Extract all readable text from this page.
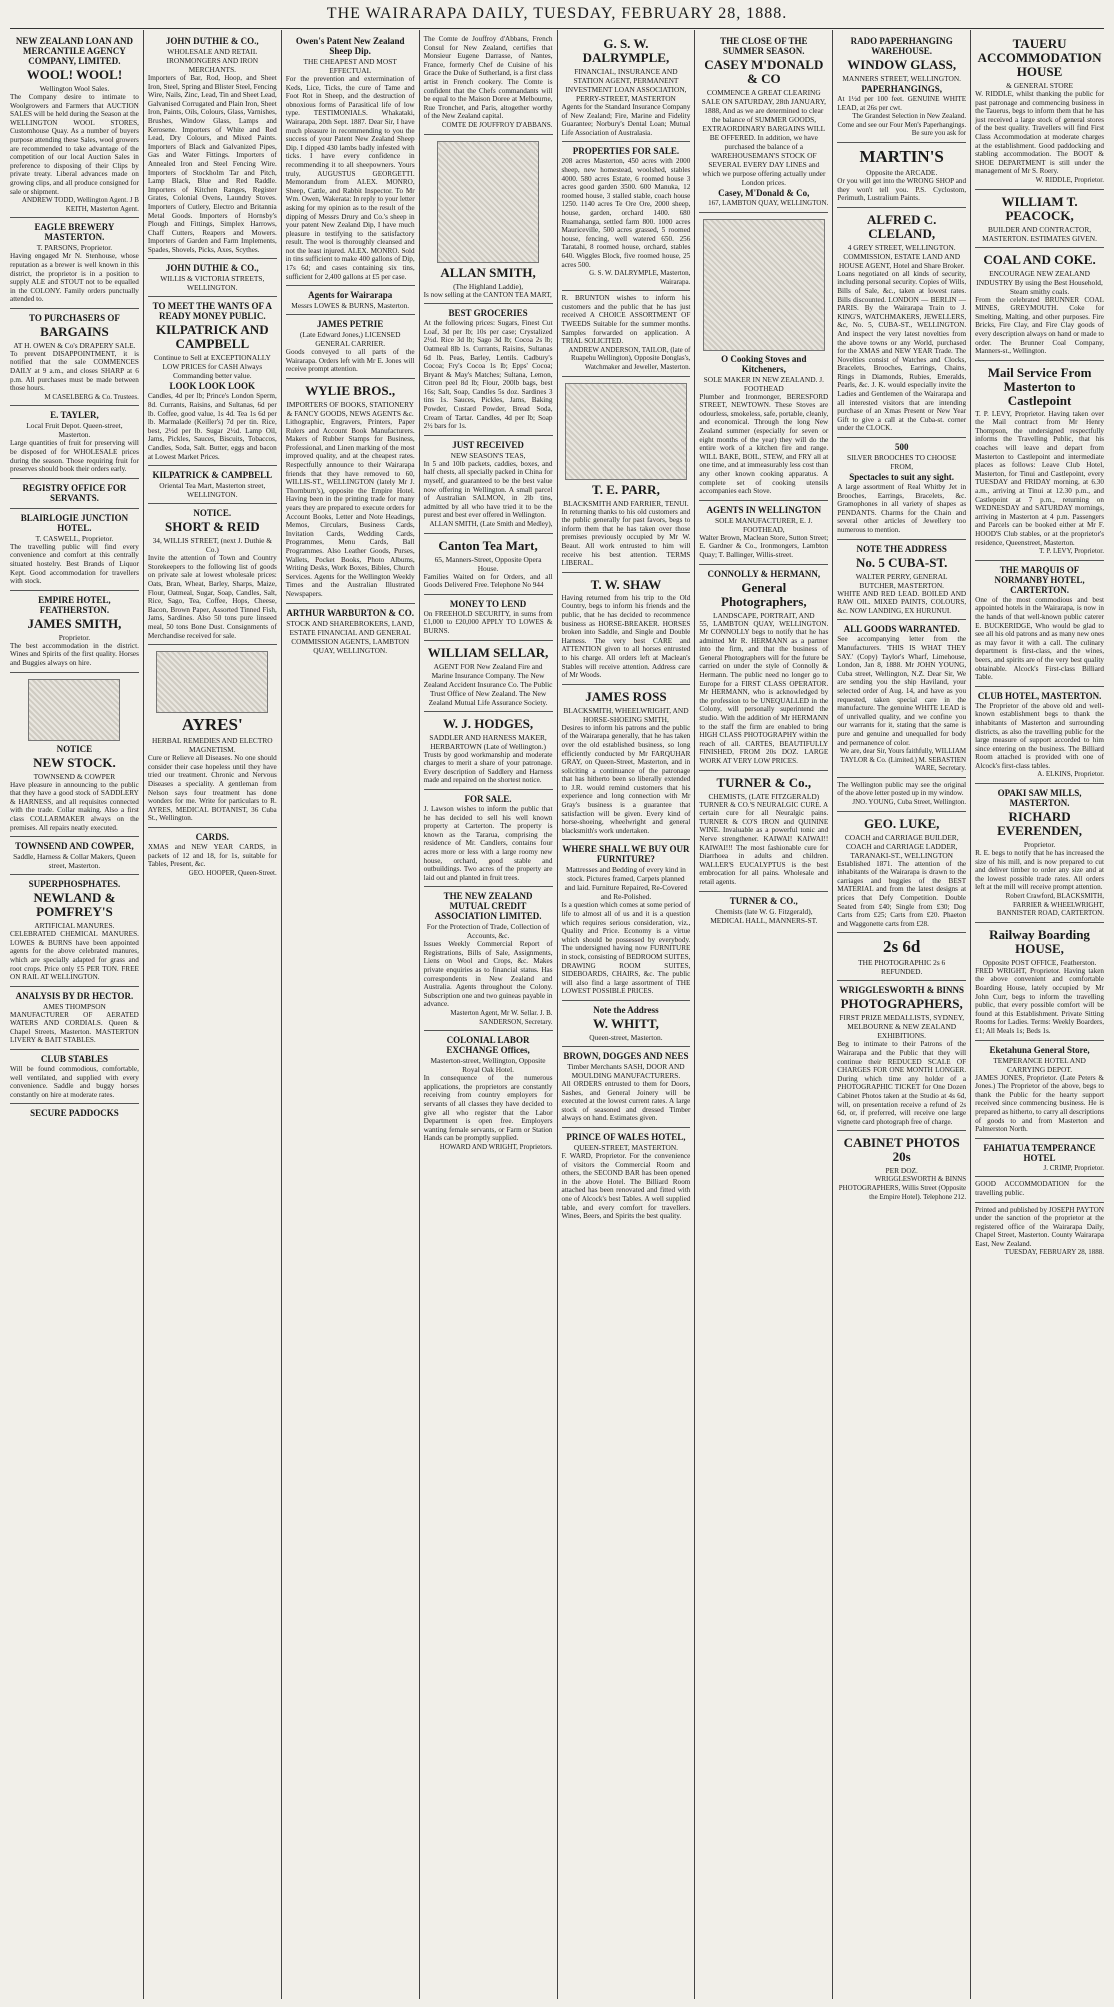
THE WAIRARAPA DAILY, TUESDAY, FEBRUARY 28, 1888.
NEW ZEALAND LOAN AND MERCANTILE AGENCY COMPANY, LIMITED.
WOOL! WOOL!
Wellington Wool Sales.
The Company desire to intimate to Woolgrowers and Farmers that AUCTION SALES will be held during the Season at the WELLINGTON WOOL STORES, Customhouse Quay. As a number of buyers purpose attending these Sales, wool growers are recommended to take advantage of the competition of our local Auction Sales in preference to disposing of their Clips by private treaty. Liberal advances made on growing clips, and all produce consigned for sale or shipment.
ANDREW TODD, Wellington Agent. J B KEITH, Masterton Agent.
EAGLE BREWERY MASTERTON.
T. PARSONS, Proprietor.
Having engaged Mr N. Stenhouse, whose reputation as a brewer is well known in this district, the proprietor is in a position to supply ALE and STOUT not to be equalled in the COLONY. Family orders punctually attended to.
TO PURCHASERS OF
BARGAINS
AT H. OWEN & Co's DRAPERY SALE.
To prevent DISAPPOINTMENT, it is notified that the sale COMMENCES DAILY at 9 a.m., and closes SHARP at 6 p.m. All purchases must be made between those hours.
M CASELBERG & Co. Trustees.
E. TAYLER,
Local Fruit Depot. Queen-street, Masterton.
Large quantities of fruit for preserving will be disposed of for WHOLESALE prices during the season. Those requiring fruit for preserves should book their orders early.
REGISTRY OFFICE FOR SERVANTS.
BLAIRLOGIE JUNCTION HOTEL.
T. CASWELL, Proprietor.
The travelling public will find every convenience and comfort at this centrally situated hostelry. Best Brands of Liquor Kept. Good accommodation for travellers with stock.
EMPIRE HOTEL, FEATHERSTON.
JAMES SMITH,
Proprietor.
The best accommodation in the district. Wines and Spirits of the first quality. Horses and Buggies always on hire.
NOTICE
NEW STOCK.
TOWNSEND & COWPER
Have pleasure in announcing to the public that they have a good stock of SADDLERY & HARNESS, and all requisites connected with the trade. Collar making. Also a first class COLLARMAKER always on the premises. All repairs neatly executed.
TOWNSEND AND COWPER,
Saddle, Harness & Collar Makers, Queen street, Masterton.
SUPERPHOSPHATES.
NEWLAND & POMFREY'S
ARTIFICIAL MANURES.
CELEBRATED CHEMICAL MANURES. LOWES & BURNS have been appointed agents for the above celebrated manures, which are specially adapted for grass and root crops. Price only £5 PER TON. FREE ON RAIL AT WELLINGTON.
ANALYSIS BY DR HECTOR.
AMES THOMPSON
MANUFACTURER OF AERATED WATERS AND CORDIALS. Queen & Chapel Streets, Masterton. MASTERTON LIVERY & BAIT STABLES.
CLUB STABLES
Will be found commodious, comfortable, well ventilated, and supplied with every convenience. Saddle and buggy horses constantly on hire at moderate rates.
SECURE PADDOCKS
JOHN DUTHIE & CO.,
WHOLESALE AND RETAIL IRONMONGERS AND IRON MERCHANTS.
Importers of Bar, Rod, Hoop, and Sheet Iron, Steel, Spring and Blister Steel, Fencing Wire, Nails, Zinc, Lead, Tin and Sheet Lead, Galvanised Corrugated and Plain Iron, Sheet Iron, Paints, Oils, Colours, Glass, Varnishes, Brushes, Window Glass, Lamps and Kerosene. Importers of White and Red Lead, Dry Colours, and Mixed Paints. Importers of Black and Galvanized Pipes, Gas and Water Fittings. Importers of Annealed Iron and Steel Fencing Wire. Importers of Stockholm Tar and Pitch, Lamp Black, Blue and Red Raddle. Importers of Kitchen Ranges, Register Grates, Colonial Ovens, Laundry Stoves. Importers of Cutlery, Electro and Britannia Metal Goods. Importers of Hornsby's Plough and Fittings, Simplex Harrows, Chaff Cutters, Reapers and Mowers. Importers of Garden and Farm Implements, Spades, Shovels, Picks, Axes, Scythes.
JOHN DUTHIE & CO.,
WILLIS & VICTORIA STREETS, WELLINGTON.
TO MEET THE WANTS OF A READY MONEY PUBLIC.
KILPATRICK AND CAMPBELL
Continue to Sell at EXCEPTIONALLY LOW PRICES for CASH Always Commanding better value.
LOOK LOOK LOOK
Candles, 4d per lb; Prince's London Sperm, 8d. Currants, Raisins, and Sultanas, 6d per lb. Coffee, good value, 1s 4d. Tea 1s 6d per lb. Marmalade (Keiller's) 7d per tin. Rice, best, 2½d per lb. Sugar 2½d. Lamp Oil, Jams, Pickles, Sauces, Biscuits, Tobaccos, Candles, Soda, Salt. Butter, eggs and bacon at Lowest Market Prices.
KILPATRICK & CAMPBELL
Oriental Tea Mart, Masterton street, WELLINGTON.
NOTICE.
SHORT & REID
34, WILLIS STREET, (next J. Duthie & Co.)
Invite the attention of Town and Country Storekeepers to the following list of goods on private sale at lowest wholesale prices: Oats, Bran, Wheat, Barley, Sharps, Maize, Flour, Oatmeal, Sugar, Soap, Candles, Salt, Rice, Sago, Tea, Coffee, Hops, Cheese, Bacon, Brown Paper, Assorted Tinned Fish, Jams, Sardines. Also 50 tons pure linseed meal, 50 tons Bone Dust. Consignments of Merchandise received for sale.
AYRES'
HERBAL REMEDIES AND ELECTRO MAGNETISM.
Cure or Relieve all Diseases. No one should consider their case hopeless until they have tried our treatment. Chronic and Nervous Diseases a speciality. A gentleman from Nelson says four treatment has done wonders for me. Write for particulars to R. AYRES, MEDICAL BOTANIST, 36 Cuba St., Wellington.
CARDS.
XMAS and NEW YEAR CARDS, in packets of 12 and 18, for 1s, suitable for Tables, Present, &c.
GEO. HOOPER, Queen-Street.
Owen's Patent New Zealand Sheep Dip.
THE CHEAPEST AND MOST EFFECTUAL
For the prevention and extermination of Keds, Lice, Ticks, the cure of Tame and Foot Rot in Sheep, and the destruction of obnoxious forms of Parasitical life of low type. TESTIMONIALS. Whakataki, Wairarapa, 20th Sept. 1887. Dear Sir, I have much pleasure in recommending to you the success of your Patent New Zealand Sheep Dip. I dipped 430 lambs badly infested with ticks. I have every confidence in recommending it to all sheepowners. Yours truly, AUGUSTUS GEORGETTI. Memorandum from ALEX. MONRO, Sheep, Cattle, and Rabbit Inspector. To Mr Wm. Owen, Wakerata: In reply to your letter asking for my opinion as to the result of the dipping of Messrs Drury and Co.'s sheep in your patent New Zealand Dip, I have much pleasure in testifying to the satisfactory result. The wool is thoroughly cleansed and not the least injured. ALEX. MONRO. Sold in tins sufficient to make 400 gallons of Dip, 17s 6d; and cases containing six tins, sufficient for 2,400 gallons at £5 per case.
Agents for Wairarapa
Messrs LOWES & BURNS, Masterton.
JAMES PETRIE
(Late Edward Jones,) LICENSED GENERAL CARRIER.
Goods conveyed to all parts of the Wairarapa. Orders left with Mr E. Jones will receive prompt attention.
WYLIE BROS.,
IMPORTERS OF BOOKS, STATIONERY & FANCY GOODS, NEWS AGENTS &c.
Lithographic, Engravers, Printers, Paper Rulers and Account Book Manufacturers. Makers of Rubber Stamps for Business, Professional, and Linen marking of the most improved quality, and at the cheapest rates. Respectfully announce to their Wairarapa friends that they have removed to 60, WILLIS-ST., WELLINGTON (lately Mr J. Thornburn's), opposite the Empire Hotel. Having been in the printing trade for many years they are prepared to execute orders for Account Books, Letter and Note Headings, Memos, Circulars, Business Cards, Invitation Cards, Wedding Cards, Programmes, Menu Cards, Ball Programmes. Also Leather Goods, Purses, Wallets, Pocket Books, Photo Albums, Writing Desks, Work Boxes, Bibles, Church Services. Agents for the Wellington Weekly Times and the Australian Illustrated Newspapers.
ARTHUR WARBURTON & CO.
STOCK AND SHAREBROKERS, LAND, ESTATE FINANCIAL AND GENERAL COMMISSION AGENTS, LAMBTON QUAY, WELLINGTON.
The Comte de Jouffroy d'Abbans, French Consul for New Zealand, certifies that Monsieur Eugene Darrasse, of Nantes, France, formerly Chef de Cuisine of his Grace the Duke of Sutherland, is a first class artist in French cookery. The Comte is confident that the Chefs commandants will be equal to the Maison Doree at Melbourne, Rue Tronchet, and Paris, altogether worthy of the New Zealand capital.
COMTE DE JOUFFROY D'ABBANS.
ALLAN SMITH,
(The Highland Laddie),
Is now selling at the CANTON TEA MART,
BEST GROCERIES
At the following prices: Sugars, Finest Cut Loaf, 3d per lb; 10s per case; Crystalized 2½d. Rice 3d lb; Sago 3d lb; Cocoa 2s lb; Oatmeal 8lb 1s. Currants, Raisins, Sultanas 6d lb. Peas, Barley, Lentils. Cadbury's Cocoa; Fry's Cocoa 1s lb; Epps' Cocoa; Bryant & May's Matches; Sultana, Lemon, Citron peel 8d lb; Flour, 200lb bags, best 16s; Salt, Soap, Candles 5s doz. Sardines 3 tins 1s. Sauces, Pickles, Jams, Baking Powder, Custard Powder, Bread Soda, Cream of Tartar. Candles, 4d per lb; Soap 2½ bars for 1s.
JUST RECEIVED
NEW SEASON'S TEAS,
In 5 and 10lb packets, caddies, boxes, and half chests, all specially packed in China for myself, and guaranteed to be the best value now offering in Wellington. A small parcel of Australian SALMON, in 2lb tins, admitted by all who have tried it to be the purest and best ever offered in Wellington.
ALLAN SMITH, (Late Smith and Medley),
Canton Tea Mart,
65, Manners-Street, Opposite Opera House.
Families Waited on for Orders, and all Goods Delivered Free. Telephone No 944
MONEY TO LEND
On FREEHOLD SECURITY, in sums from £1,000 to £20,000 APPLY TO LOWES & BURNS.
WILLIAM SELLAR,
AGENT FOR New Zealand Fire and Marine Insurance Company. The New Zealand Accident Insurance Co. The Public Trust Office of New Zealand. The New Zealand Mutual Life Assurance Society.
W. J. HODGES,
SADDLER AND HARNESS MAKER, HERBARTOWN (Late of Wellington.)
Trusts by good workmanship and moderate charges to merit a share of your patronage. Every description of Saddlery and Harness made and repaired on the shortest notice.
FOR SALE.
J. Lawson wishes to inform the public that he has decided to sell his well known property at Carterton. The property is known as the Tararua, comprising the residence of Mr. Candlers, contains four acres more or less with a large roomy new house, orchard, good stable and outbuildings. Two acres of the property are laid out and planted in fruit trees.
THE NEW ZEALAND MUTUAL CREDIT ASSOCIATION LIMITED.
For the Protection of Trade, Collection of Accounts, &c.
Issues Weekly Commercial Report of Registrations, Bills of Sale, Assignments, Liens on Wool and Crops, &c. Makes private enquiries as to financial status. Has correspondents in New Zealand and Australia. Agents throughout the Colony. Subscription one and two guineas payable in advance.
Masterton Agent, Mr W. Sellar. J. B. SANDERSON, Secretary.
COLONIAL LABOR EXCHANGE Offices,
Masterton-street, Wellington, Opposite Royal Oak Hotel.
In consequence of the numerous applications, the proprietors are constantly receiving from country employers for servants of all classes they have decided to give all who register that the Labor Department is open free. Employers wanting female servants, or Farm or Station Hands can be promptly supplied.
HOWARD AND WRIGHT, Proprietors.
G. S. W. DALRYMPLE,
FINANCIAL, INSURANCE AND STATION AGENT, PERMANENT INVESTMENT LOAN ASSOCIATION, PERRY-STREET, MASTERTON
Agents for the Standard Insurance Company of New Zealand; Fire, Marine and Fidelity Guarantee; Norbury's Dental Loan; Mutual Life Association of Australasia.
PROPERTIES FOR SALE.
208 acres Masterton, 450 acres with 2000 sheep, new homestead, woolshed, stables 4000. 580 acres Estate, 6 roomed house 3 acres good garden 3500. 600 Manuka, 12 roomed house, 3 stalled stable, coach house 1250. 1140 acres Te Ore Ore, 2000 sheep, house, garden, orchard 1400. 680 Ruamahanga, settled farm 800. 1000 acres Mauriceville, 500 acres grassed, 5 roomed house, fencing, well watered 650. 256 Taratahi, 8 roomed house, orchard, stables 640. Wiggles Block, five roomed house, 25 acres 500.
G. S. W. DALRYMPLE, Masterton, Wairarapa.
R. BRUNTON wishes to inform his customers and the public that he has just received A CHOICE ASSORTMENT OF TWEEDS Suitable for the summer months. Samples forwarded on application. A TRIAL SOLICITED.
ANDREW ANDERSON, TAILOR, (late of Ruapehu Wellington), Opposite Donglas's, Watchmaker and Jeweller, Masterton.
T. E. PARR,
BLACKSMITH AND FARRIER, TENUI.
In returning thanks to his old customers and the public generally for past favors, begs to inform them that he has taken over those premises previously occupied by Mr W. Beaut. All work entrusted to him will receive his best attention. TERMS LIBERAL.
T. W. SHAW
Having returned from his trip to the Old Country, begs to inform his friends and the public, that he has decided to recommence business as HORSE-BREAKER. HORSES broken into Saddle, and Single and Double Harness. The very best CARE and ATTENTION given to all horses entrusted to his charge. All orders left at Maclean's Stables will receive attention. Address care of Mr Woods.
JAMES ROSS
BLACKSMITH, WHEELWRIGHT, AND HORSE-SHOEING SMITH,
Desires to inform his patrons and the public of the Wairarapa generally, that he has taken over the old established business, so long efficiently conducted by Mr FARQUHAR GRAY, on Queen-Street, Masterton, and in soliciting a continuance of the patronage that has hitherto been so liberally extended to J.R. would remind customers that his experience and long connection with Mr Gray's business is a guarantee that satisfaction will be given. Every kind of horse-shoeing, wheelwright and general blacksmith's work undertaken.
WHERE SHALL WE BUY OUR FURNITURE?
Mattresses and Bedding of every kind in stock. Pictures framed, Carpets planned and laid. Furniture Repaired, Re-Covered and Re-Polished.
Is a question which comes at some period of life to almost all of us and it is a question which requires serious consideration, viz., Quality and Price. Economy is a virtue which should be possessed by everybody. The undersigned having now FURNITURE in stock, consisting of BEDROOM SUITES, DRAWING ROOM SUITES, SIDEBOARDS, CHAIRS, &c. The public will also find a large assortment of THE LOWEST POSSIBLE PRICES.
Note the Address
W. WHITT,
Queen-street, Masterton.
BROWN, DOGGES AND NEES
Timber Merchants SASH, DOOR AND MOULDING MANUFACTURERS.
All ORDERS entrusted to them for Doors, Sashes, and General Joinery will be executed at the lowest current rates. A large stock of seasoned and dressed Timber always on hand. Estimates given.
PRINCE OF WALES HOTEL,
QUEEN-STREET, MASTERTON.
F. WARD, Proprietor. For the convenience of visitors the Commercial Room and others, the SECOND BAR has been opened in the above Hotel. The Billiard Room attached has been renovated and fitted with one of Alcock's best Tables. A well supplied table, and every comfort for travellers. Wines, Beers, and Spirits the best quality.
THE CLOSE OF THE SUMMER SEASON.
CASEY M'DONALD & CO
COMMENCE A GREAT CLEARING SALE ON SATURDAY, 28th JANUARY, 1888, And as we are determined to clear the balance of SUMMER GOODS, EXTRAORDINARY BARGAINS WILL BE OFFERED. In addition, we have purchased the balance of a WAREHOUSEMAN'S STOCK OF SEVERAL EVERY DAY LINES and which we purpose offering actually under London prices.
Casey, M'Donald & Co,
167, LAMBTON QUAY, WELLINGTON.
O Cooking Stoves and Kitcheners,
SOLE MAKER IN NEW ZEALAND. J. FOOTHEAD
Plumber and Ironmonger, BERESFORD STREET, NEWTOWN. These Stoves are odourless, smokeless, safe, portable, cleanly, and economical. Through the long New Zealand summer (especially for seven or eight months of the year) they will do the entire work of a kitchen fire and range. WILL BAKE, BOIL, STEW, and FRY all at one time, and at immeasurably less cost than any other known cooking apparatus. A complete set of cooking utensils accompanies each Stove.
AGENTS IN WELLINGTON
SOLE MANUFACTURER, E. J. FOOTHEAD,
Walter Brown, Maclean Store, Sutton Street; E. Gardner & Co., Ironmongers, Lambton Quay; T. Ballinger, Willis-street.
CONNOLLY & HERMANN,
General Photographers,
LANDSCAPE, PORTRAIT, AND
55, LAMBTON QUAY, WELLINGTON. Mr CONNOLLY begs to notify that he has admitted Mr R. HERMANN as a partner into the firm, and that the business of General Photographers will for the future be carried on under the style of Connolly & Hermann. The public need no longer go to Europe for a FIRST CLASS OPERATOR. Mr HERMANN, who is acknowledged by the profession to be UNEQUALLED in the Colony, will personally superintend the studio. With the addition of Mr HERMANN to the staff the firm are enabled to bring HIGH CLASS PHOTOGRAPHY within the reach of all. CARTES, BEAUTIFULLY FINISHED, FROM 20s DOZ. LARGE WORK AT VERY LOW PRICES.
TURNER & Co.,
CHEMISTS, (LATE FITZGERALD)
TURNER & CO.'S NEURALGIC CURE. A certain cure for all Neuralgic pains. TURNER & CO'S IRON and QUININE WINE. Invaluable as a powerful tonic and Nerve strengthener. KAIWAI! KAIWAI!! KAIWAI!!! The most fashionable cure for Diarrhoea in adults and children. WALLER'S EUCALYPTUS is the best embrocation for all pains. Wholesale and retail agents.
TURNER & CO.,
Chemists (late W. G. Fitzgerald), MEDICAL HALL, MANNERS-ST.
RADO PAPERHANGING WAREHOUSE.
WINDOW GLASS,
MANNERS STREET, WELLINGTON.
PAPERHANGINGS,
At 1½d per 100 feet. GENUINE WHITE LEAD, at 26s per cwt.
The Grandest Selection in New Zealand. Come and see our Four Men's Paperhangings. Be sure you ask for
MARTIN'S
Opposite the ARCADE.
Or you will get into the WRONG SHOP and they won't tell you. P.S. Cyclostom, Perimuth, Lustralium Paints.
ALFRED C. CLELAND,
4 GREY STREET, WELLINGTON. COMMISSION, ESTATE LAND AND HOUSE AGENT, Hotel and Share Broker.
Loans negotiated on all kinds of security, including personal security. Copies of Wills, Bills of Sale, &c., taken at lowest rates. Bills discounted. LONDON — BERLIN — PARIS. By the Wairarapa Train to J. KING'S, WATCHMAKERS, JEWELLERS, &c, No. 5, CUBA-ST., WELLINGTON. And inspect the very latest novelties from the above towns or any World, purchased for the XMAS and NEW YEAR Trade. The Novelties consist of Watches and Clocks, Bracelets, Brooches, Earrings, Chains, Rings in Diamonds, Rubies, Emeralds, Pearls, &c. J. K. would especially invite the Ladies and Gentlemen of the Wairarapa and all interested visitors that are intending purchase of an Xmas Present or New Year Gift to give a call at the Cuba-st. corner under the CLOCK.
500
SILVER BROOCHES TO CHOOSE FROM,
Spectacles to suit any sight.
A large assortment of Real Whitby Jet in Brooches, Earrings, Bracelets, &c. Gramophones in all variety of shapes as PENDANTS. Charms for the Chain and several other articles of Jewellery too numerous to mention.
NOTE THE ADDRESS
No. 5 CUBA-ST.
WALTER PERRY, GENERAL BUTCHER, MASTERTON.
WHITE AND RED LEAD. BOILED AND RAW OIL. MIXED PAINTS, COLOURS, &c. NOW LANDING, EX HURUNUI.
ALL GOODS WARRANTED.
See accompanying letter from the Manufacturers. 'THIS IS WHAT THEY SAY.' (Copy) Taylor's Wharf, Limehouse, London, Jan 8, 1888. Mr JOHN YOUNG, Cuba street, Wellington, N.Z. Dear Sir, We are sending you the ship Haviland, your selected order of Aug. 14, and have as you requested, taken special care in the manufacture. The genuine WHITE LEAD is of unrivalled quality, and we confine you our warrants for it, stating that the same is pure and genuine and unequalled for body and permanence of color.
We are, dear Sir, Yours faithfully, WILLIAM TAYLOR & Co. (Limited.) M. SEBASTIEN WARE, Secretary.
The Wellington public may see the original of the above letter posted up in my window.
JNO. YOUNG, Cuba Street, Wellington.
GEO. LUKE,
COACH and CARRIAGE BUILDER, COACH and CARRIAGE LADDER, TARANAKI-ST., WELLINGTON
Established 1871. The attention of the inhabitants of the Wairarapa is drawn to the carriages and buggies of the BEST MATERIAL and from the latest designs at prices that Defy Competition. Double Seated from £40; Single from £30; Dog Carts from £25; Carts from £20. Phaeton and Waggonette carts from £28.
2s 6d
THE PHOTOGRAPHIC 2s 6 REFUNDED.
WRIGGLESWORTH & BINNS
PHOTOGRAPHERS,
FIRST PRIZE MEDALLISTS, SYDNEY, MELBOURNE & NEW ZEALAND EXHIBITIONS.
Beg to intimate to their Patrons of the Wairarapa and the Public that they will continue their REDUCED SCALE OF CHARGES FOR ONE MONTH LONGER. During which time any holder of a PHOTOGRAPHIC TICKET for One Dozen Cabinet Photos taken at the Studio at 4s 6d, will, on presentation receive a refund of 2s 6d, or, if preferred, will receive one large vignette card photograph free of charge.
CABINET PHOTOS 20s
PER DOZ.
WRIGGLESWORTH & BINNS PHOTOGRAPHERS, Willis Street (Opposite the Empire Hotel). Telephone 212.
TAUERU ACCOMMODATION HOUSE
& GENERAL STORE
W. RIDDLE, whilst thanking the public for past patronage and commencing business in the Tauerus, begs to inform them that he has just received a large stock of general stores of the best quality. Travellers will find First Class Accommodation at moderate charges at the establishment. Good paddocking and stabling accommodation. The BOOT & SHOE DEPARTMENT is still under the management of Mr S. Roery.
W. RIDDLE, Proprietor.
WILLIAM T. PEACOCK,
BUILDER AND CONTRACTOR, MASTERTON. ESTIMATES GIVEN.
COAL AND COKE.
ENCOURAGE NEW ZEALAND INDUSTRY By using the Best Household, Steam smithy coals.
From the celebrated BRUNNER COAL MINES, GREYMOUTH. Coke for Smelting, Malting, and other purposes. Fire Bricks, Fire Clay, and Fire Clay goods of every description always on hand or made to order. The Brunner Coal Company, Manners-st., Wellington.
Mail Service From Masterton to Castlepoint
T. P. LEVY, Proprietor. Having taken over the Mail contract from Mr Henry Thompson, the undersigned respectfully informs the Travelling Public, that his coaches will leave and depart from Masterton to Castlepoint and intermediate places as follows: Leave Club Hotel, Masterton, for Tinui and Castlepoint, every TUESDAY and FRIDAY morning, at 6.30 a.m., arriving at Tinui at 12.30 p.m., and Castlepoint at 7 p.m., returning on WEDNESDAY and SATURDAY mornings, arriving in Masterton at 4 p.m. Passengers and Parcels can be booked either at Mr F. HOOD'S Club stables, or at the proprietor's residence, Queenstreet, Masterton.
T. P. LEVY, Proprietor.
THE MARQUIS OF NORMANBY HOTEL, CARTERTON.
One of the most commodious and best appointed hotels in the Wairarapa, is now in the hands of that well-known public caterer E. BUCKERIDGE, Who would be glad to see all his old patrons and as many new ones as may favor it with a call. The culinary department is first-class, and the wines, beers, and spirits are of the very best quality obtainable. Alcock's First-class Billiard Table.
CLUB HOTEL, MASTERTON.
The Proprietor of the above old and well-known establishment begs to thank the inhabitants of Masterton and surrounding districts, as also the travelling public for the large measure of support accorded to him since entering on the business. The Billiard Room attached is provided with one of Alcock's first-class tables.
A. ELKINS, Proprietor.
OPAKI SAW MILLS, MASTERTON.
RICHARD EVERENDEN,
Proprietor.
R. E. begs to notify that he has increased the size of his mill, and is now prepared to cut and deliver timber to order any size and at the lowest possible trade rates. All orders left at the mill will receive prompt attention.
Robert Crawford, BLACKSMITH, FARRIER & WHEELWRIGHT, BANNISTER ROAD, CARTERTON.
Railway Boarding HOUSE,
Opposite POST OFFICE, Featherston.
FRED WRIGHT, Proprietor. Having taken the above convenient and comfortable Boarding House, lately occupied by Mr John Curr, begs to inform the travelling public, that every possible comfort will be found at this Establishment. Private Sitting Rooms for Ladies. Terms: Weekly Boarders, £1; All Meals 1s; Beds 1s.
Eketahuna General Store,
TEMPERANCE HOTEL AND CARRYING DEPOT.
JAMES JONES, Proprietor. (Late Peters & Jones.) The Proprietor of the above, begs to thank the Public for the hearty support received since commencing business. He is prepared as hitherto, to carry all descriptions of goods to and from Masterton and Palmerston North.
FAHIATUA TEMPERANCE HOTEL
J. CRIMP, Proprietor.
GOOD ACCOMMODATION for the travelling public.
Printed and published by JOSEPH PAYTON under the sanction of the proprietor at the registered office of the Wairarapa Daily, Chapel Street, Masterton. County Wairarapa East, New Zealand.
TUESDAY, FEBRUARY 28, 1888.
